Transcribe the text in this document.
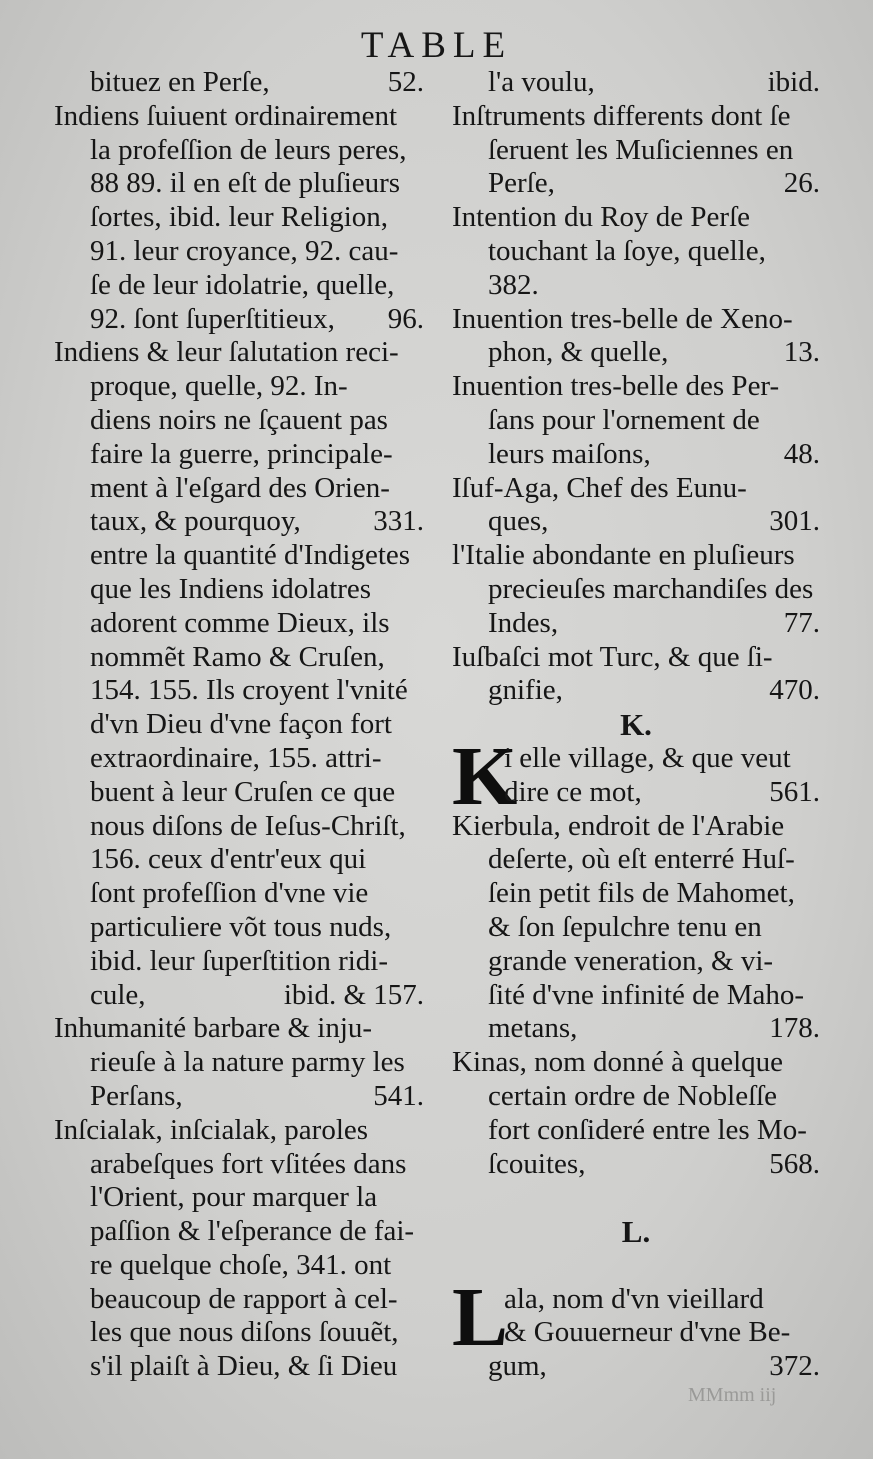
TABLE
bituez en Perſe,	52.
Indiens ſuiuent ordinairement
la profeſſion de leurs peres,
88 89. il en eſt de pluſieurs
ſortes, ibid. leur Religion,
91. leur croyance, 92. cau-
ſe de leur idolatrie, quelle,
92. ſont ſuperſtitieux, 96.
Indiens & leur ſalutation reci-
proque, quelle, 92. In-
diens noirs ne ſçauent pas
faire la guerre, principale-
ment à l'eſgard des Orien-
taux, & pourquoy, 331.
entre la quantité d'Indigetes
que les Indiens idolatres
adorent comme Dieux, ils
nommẽt Ramo & Cruſen,
154. 155. Ils croyent l'vnité
d'vn Dieu d'vne façon fort
extraordinaire, 155. attri-
buent à leur Cruſen ce que
nous diſons de Ieſus-Chriſt,
156. ceux d'entr'eux qui
ſont profeſſion d'vne vie
particuliere võt tous nuds,
ibid. leur ſuperſtition ridi-
cule,	ibid. & 157.
Inhumanité barbare & inju-
rieuſe à la nature parmy les
Perſans,	541.
Inſcialak, inſcialak, paroles
arabeſques fort vſitées dans
l'Orient, pour marquer la
paſſion & l'eſperance de fai-
re quelque choſe, 341. ont
beaucoup de rapport à cel-
les que nous diſons ſouuẽt,
s'il plaiſt à Dieu, & ſi Dieu
l'a voulu,	ibid.
Inſtruments differents dont ſe
ſeruent les Muſiciennes en
Perſe,	26.
Intention du Roy de Perſe
touchant la ſoye, quelle,
382.
Inuention tres-belle de Xeno-
phon, & quelle,	13.
Inuention tres-belle des Per-
ſans pour l'ornement de
leurs maiſons,	48.
Iſuf-Aga, Chef des Eunu-
ques,	301.
l'Italie abondante en pluſieurs
precieuſes marchandiſes des
Indes,	77.
Iuſbaſci mot Turc, & que ſi-
gnifie,	470.
K.
K
i elle village, & que veut
dire ce mot,	561.
Kierbula, endroit de l'Arabie
deſerte, où eſt enterré Huſ-
ſein petit fils de Mahomet,
& ſon ſepulchre tenu en
grande veneration, & vi-
ſité d'vne infinité de Maho-
metans,	178.
Kinas, nom donné à quelque
certain ordre de Nobleſſe
fort conſideré entre les Mo-
ſcouites,	568.
L.
L
ala, nom d'vn vieillard
& Gouuerneur d'vne Be-
gum,	372.
MMmm iij
